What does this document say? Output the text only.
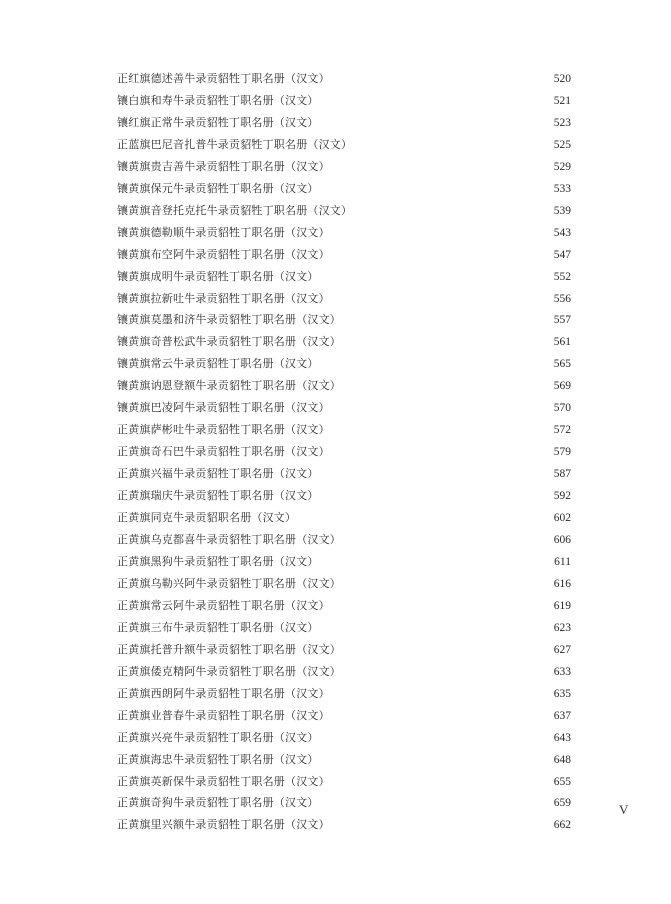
正红旗德述善牛录贡貂牲丁职名册（汉文）	520
镶白旗和寿牛录贡貂牲丁职名册（汉文）	521
镶红旗正常牛录贡貂牲丁职名册（汉文）	523
正蓝旗巴尼音扎普牛录贡貂牲丁职名册（汉文）	525
镶黄旗贵吉善牛录贡貂牲丁职名册（汉文）	529
镶黄旗保元牛录贡貂牲丁职名册（汉文）	533
镶黄旗音登托克托牛录贡貂牲丁职名册（汉文）	539
镶黄旗德勒顺牛录贡貂牲丁职名册（汉文）	543
镶黄旗布空阿牛录贡貂牲丁职名册（汉文）	547
镶黄旗成明牛录贡貂牲丁职名册（汉文）	552
镶黄旗拉新吐牛录贡貂牲丁职名册（汉文）	556
镶黄旗莫墨和济牛录贡貂牲丁职名册（汉文）	557
镶黄旗奇普松武牛录贡貂牲丁职名册（汉文）	561
镶黄旗常云牛录贡貂牲丁职名册（汉文）	565
镶黄旗讷恩登额牛录贡貂牲丁职名册（汉文）	569
镶黄旗巴凌阿牛录贡貂牲丁职名册（汉文）	570
正黄旗萨彬吐牛录贡貂牲丁职名册（汉文）	572
正黄旗奇石巴牛录贡貂牲丁职名册（汉文）	579
正黄旗兴福牛录贡貂牲丁职名册（汉文）	587
正黄旗瑞庆牛录贡貂牲丁职名册（汉文）	592
正黄旗同克牛录贡貂职名册（汉文）	602
正黄旗乌克都喜牛录贡貂牲丁职名册（汉文）	606
正黄旗黑狗牛录贡貂牲丁职名册（汉文）	611
正黄旗乌勒兴阿牛录贡貂牲丁职名册（汉文）	616
正黄旗常云阿牛录贡貂牲丁职名册（汉文）	619
正黄旗三布牛录贡貂牲丁职名册（汉文）	623
正黄旗托普升额牛录贡貂牲丁职名册（汉文）	627
正黄旗倭克精阿牛录贡貂牲丁职名册（汉文）	633
正黄旗西朗阿牛录贡貂牲丁职名册（汉文）	635
正黄旗业普春牛录贡貂牲丁职名册（汉文）	637
正黄旗兴亮牛录贡貂牲丁职名册（汉文）	643
正黄旗海忠牛录贡貂牲丁职名册（汉文）	648
正黄旗英新保牛录贡貂牲丁职名册（汉文）	655
正黄旗奇狗牛录贡貂牲丁职名册（汉文）	659
正黄旗里兴额牛录贡貂牲丁职名册（汉文）	662
V
